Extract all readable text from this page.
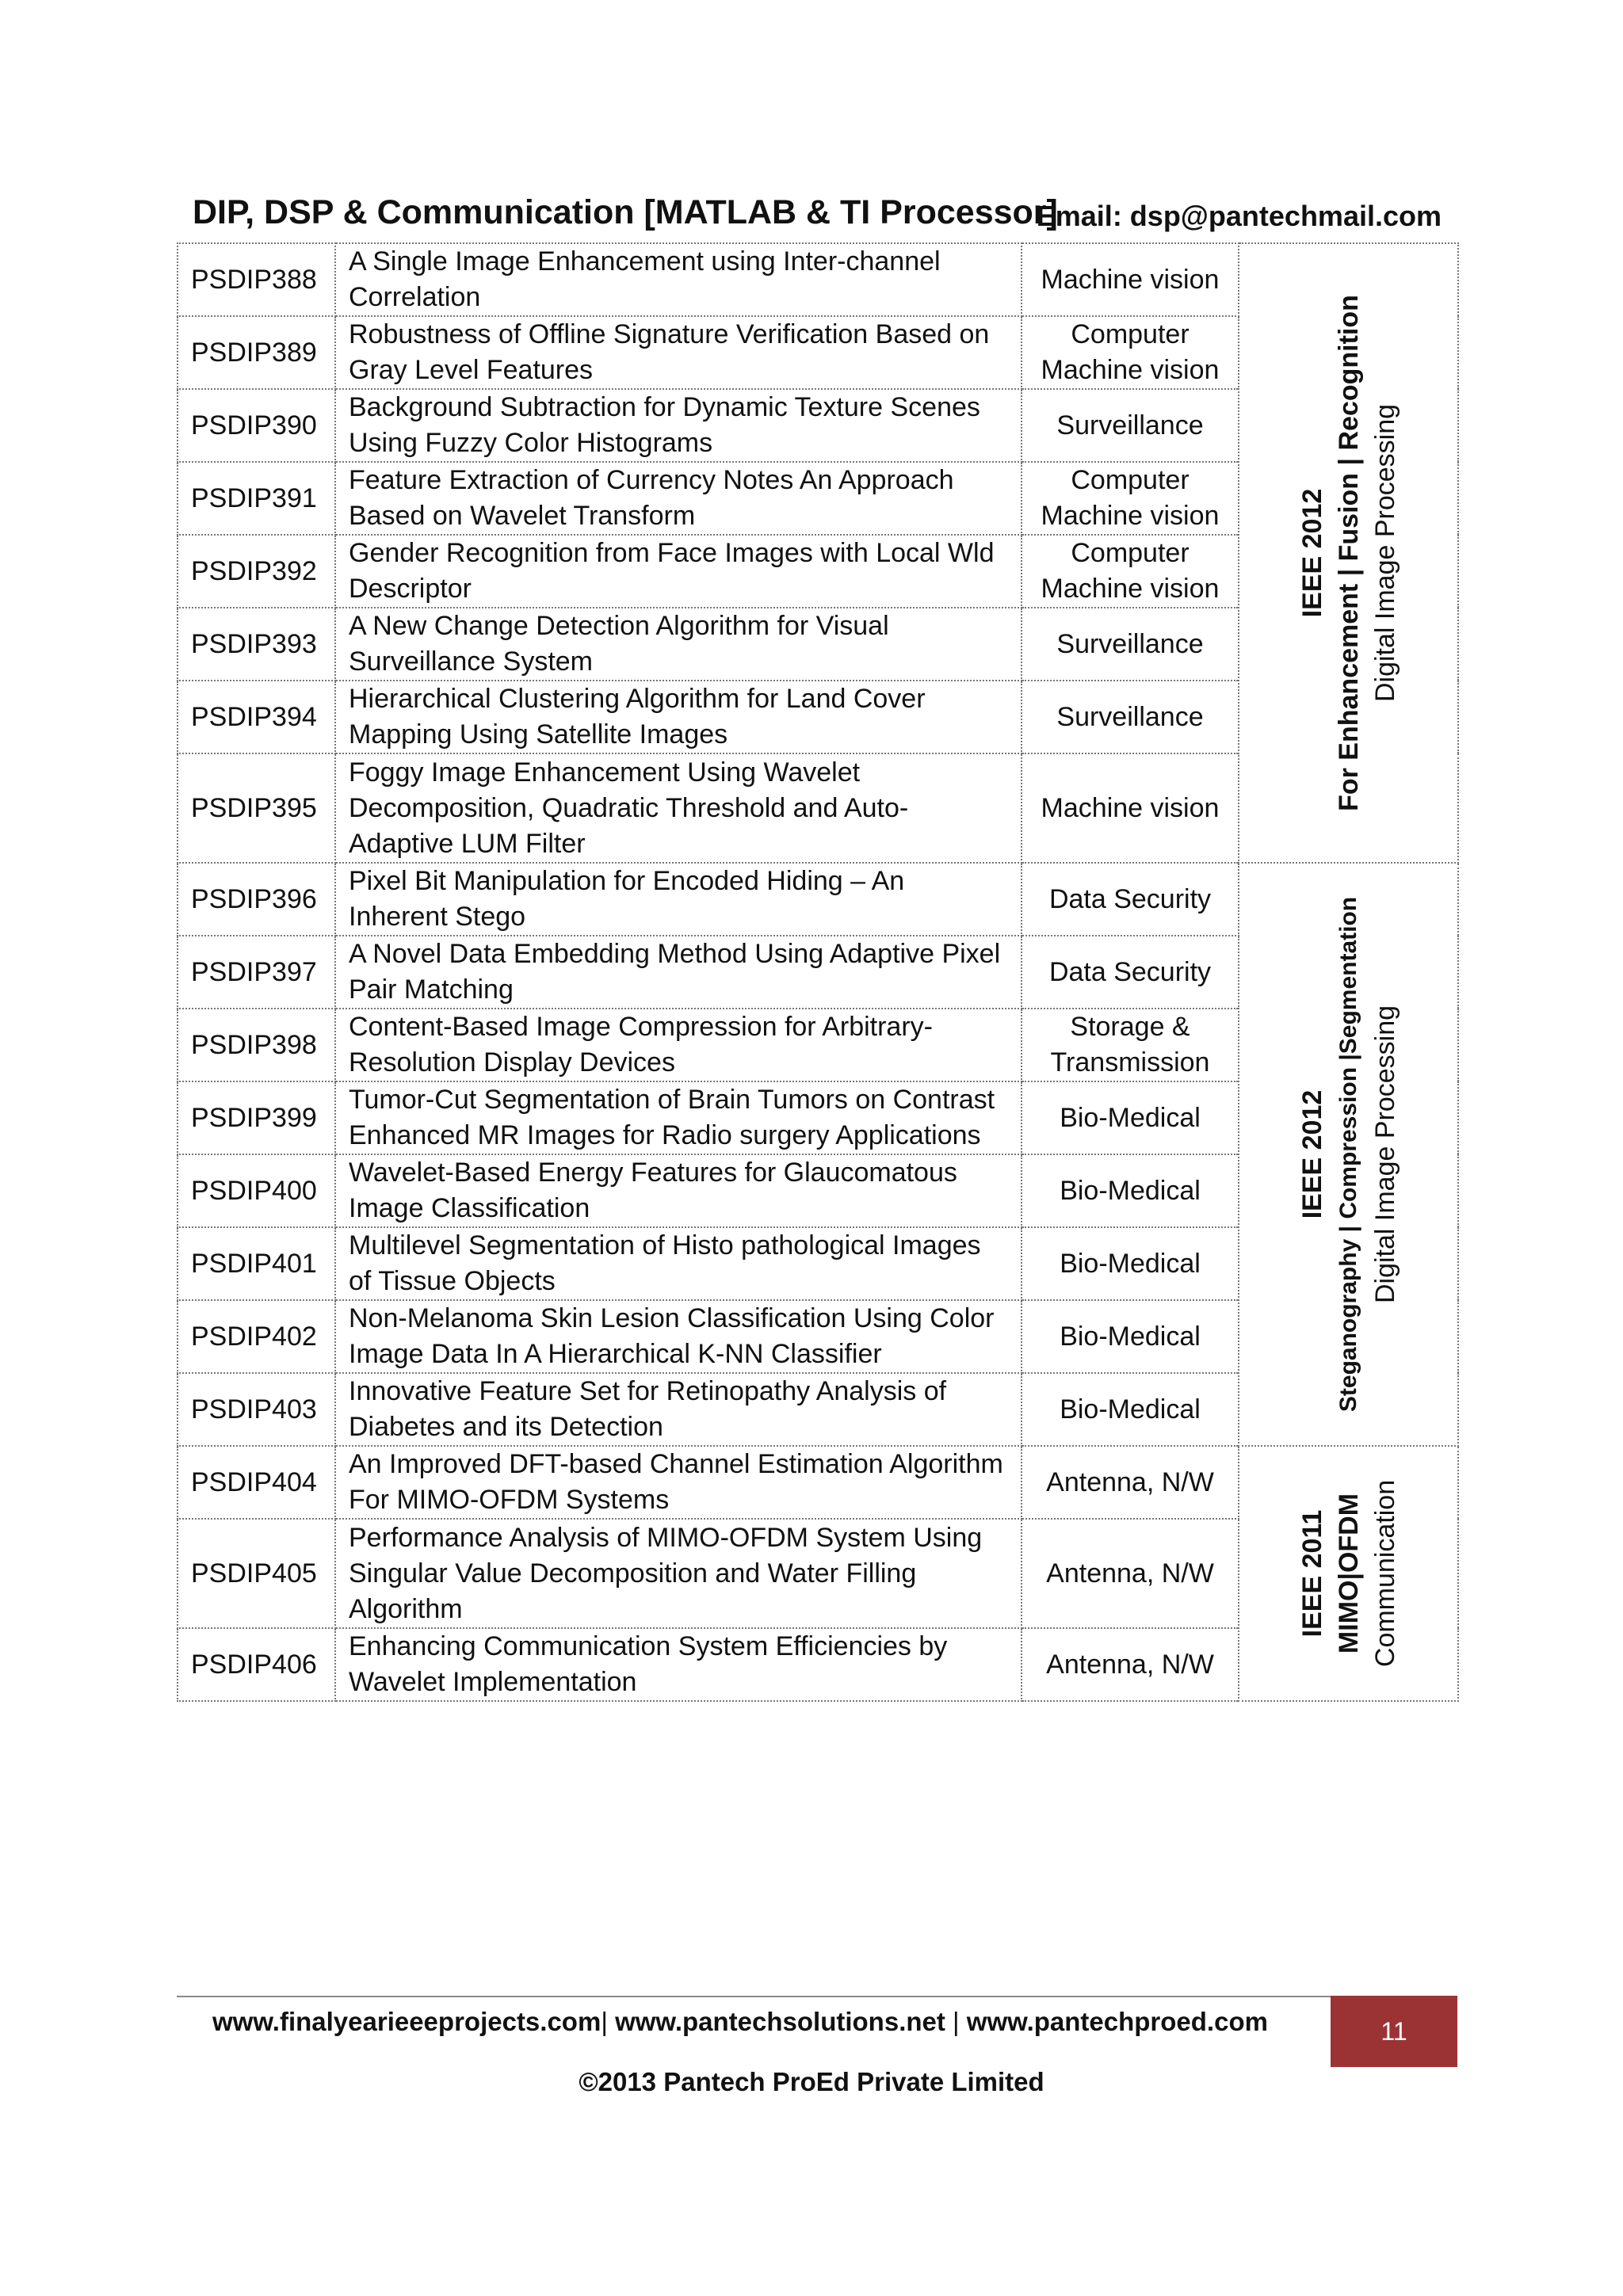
DIP, DSP & Communication [MATLAB & TI Processor]
Email: dsp@pantechmail.com
PSDIP388	A Single Image Enhancement using Inter-channel
Correlation	Machine vision	IEEE 2012 For Enhancement | Fusion | Recognition Digital Image Processing

PSDIP389	Robustness of Offline Signature Verification Based on
Gray Level Features	Computer
Machine vision	
PSDIP390	Background Subtraction for Dynamic Texture Scenes
Using Fuzzy Color Histograms	Surveillance	
PSDIP391	Feature Extraction of Currency Notes An Approach
Based on Wavelet Transform	Computer
Machine vision	
PSDIP392	Gender Recognition from Face Images with Local Wld
Descriptor	Computer
Machine vision	
PSDIP393	A New Change Detection Algorithm for Visual
Surveillance System	Surveillance	
PSDIP394	Hierarchical Clustering Algorithm for Land Cover
Mapping Using Satellite Images	Surveillance	
PSDIP395	Foggy Image Enhancement Using Wavelet
Decomposition, Quadratic Threshold and Auto-
Adaptive LUM Filter	Machine vision	
PSDIP396	Pixel Bit Manipulation for Encoded Hiding – An
Inherent Stego	Data Security	IEEE 2012 Steganography | Compression |Segmentation Digital Image Processing

PSDIP397	A Novel Data Embedding Method Using Adaptive Pixel
Pair Matching	Data Security	
PSDIP398	Content-Based Image Compression for Arbitrary-
Resolution Display Devices	Storage &
Transmission	
PSDIP399	Tumor-Cut Segmentation of Brain Tumors on Contrast
Enhanced MR Images for Radio surgery Applications	Bio-Medical	
PSDIP400	Wavelet-Based Energy Features for Glaucomatous
Image Classification	Bio-Medical	
PSDIP401	Multilevel Segmentation of Histo pathological Images
of Tissue Objects	Bio-Medical	
PSDIP402	Non-Melanoma Skin Lesion Classification Using Color
Image Data In A Hierarchical K-NN Classifier	Bio-Medical	
PSDIP403	Innovative Feature Set for Retinopathy Analysis of
Diabetes and its Detection	Bio-Medical	
PSDIP404	An Improved DFT-based Channel Estimation Algorithm
For MIMO-OFDM Systems	Antenna, N/W	IEEE 2011 MIMO|OFDM Communication

PSDIP405	Performance Analysis of MIMO-OFDM System Using
Singular Value Decomposition and Water Filling
Algorithm	Antenna, N/W	
PSDIP406	Enhancing Communication System Efficiencies by
Wavelet Implementation	Antenna, N/W	
www.finalyearieeeprojects.com| www.pantechsolutions.net | www.pantechproed.com	11
©2013 Pantech ProEd Private Limited
